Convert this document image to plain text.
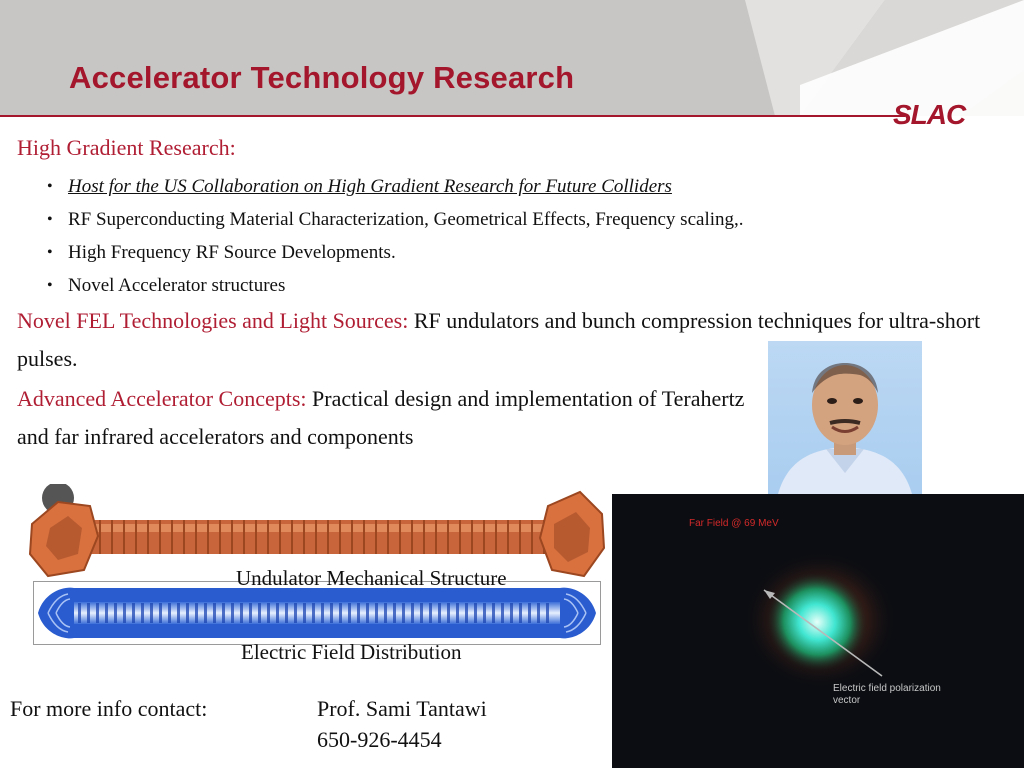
Accelerator Technology Research
SLAC
High Gradient Research:
• Host for the US Collaboration on High Gradient Research for Future Colliders
• RF Superconducting Material Characterization, Geometrical Effects, Frequency scaling,.
• High Frequency RF Source Developments.
• Novel Accelerator structures
Novel FEL Technologies and Light Sources: RF undulators and bunch compression techniques for ultra-short pulses.
Advanced Accelerator Concepts: Practical design and implementation of Terahertz and far infrared accelerators and components
Undulator Mechanical Structure
Electric Field Distribution
Far Field @ 69 MeV
Electric field polarization vector
For more info contact:	Prof. Sami Tantawi
650-926-4454
